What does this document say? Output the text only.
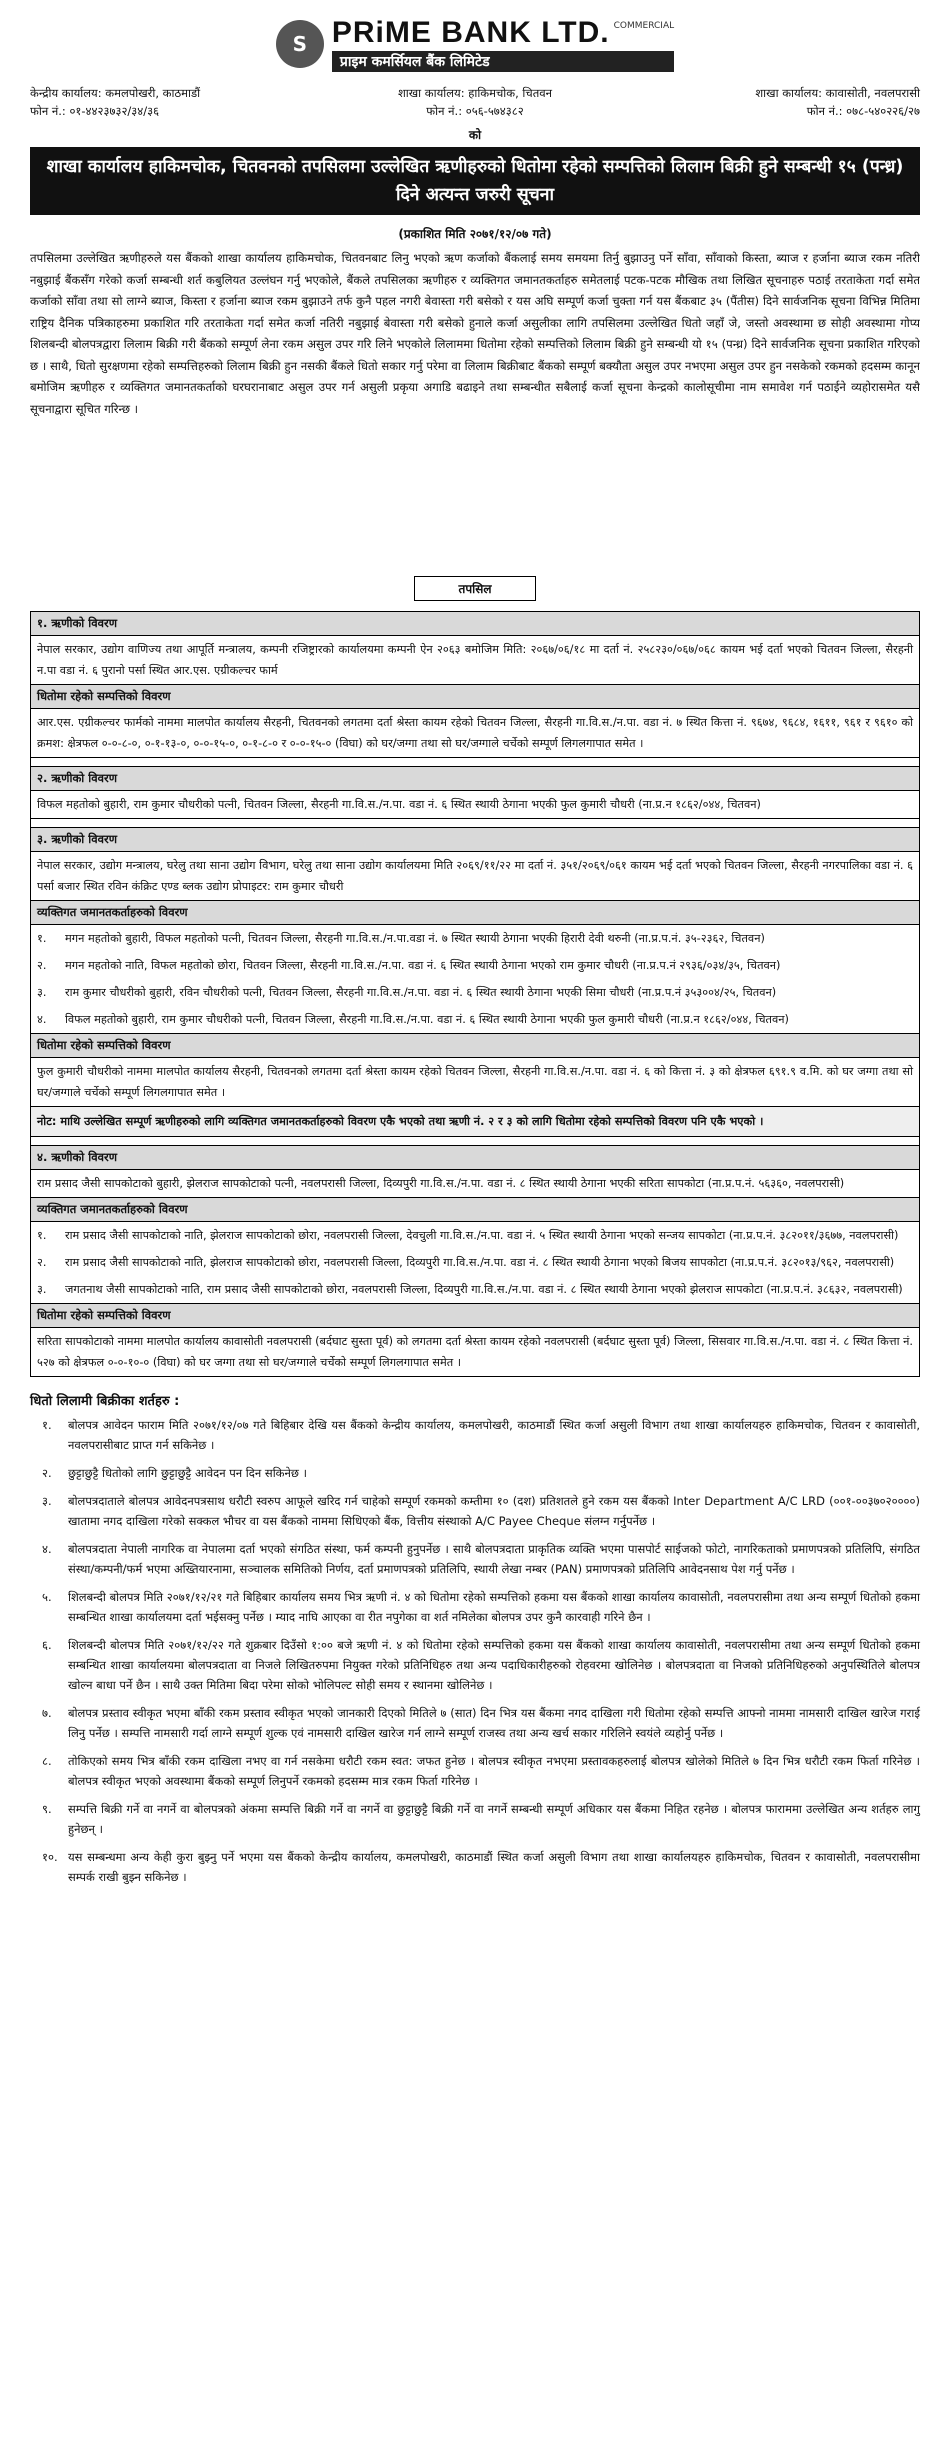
S PRiME BANK LTD. COMMERCIAL
प्राइम कमर्सियल बैंक लिमिटेड
केन्द्रीय कार्यालय: कमलपोखरी, काठमाडौं
फोन नं.: ०१-४४२३७३२/३४/३६
शाखा कार्यालय: हाकिमचोक, चितवन
फोन नं.: ०५६-५७४३८२
शाखा कार्यालय: कावासोती, नवलपरासी
फोन नं.: ०७८-५४०२२६/२७
को
शाखा कार्यालय हाकिमचोक, चितवनको तपसिलमा उल्लेखित ऋणीहरुको धितोमा रहेको सम्पत्तिको लिलाम बिक्री हुने सम्बन्धी १५ (पन्ध्र) दिने अत्यन्त जरुरी सूचना
(प्रकाशित मिति २०७१/१२/०७ गते)
तपसिलमा उल्लेखित ऋणीहरुले यस बैंकको शाखा कार्यालय हाकिमचोक, चितवनबाट लिनु भएको ऋण कर्जाको बैंकलाई समय समयमा तिर्नु बुझाउनु पर्ने साँवा, साँवाको किस्ता, ब्याज र हर्जाना ब्याज रकम नतिरी नबुझाई बैंकसँग गरेको कर्जा सम्बन्धी शर्त कबुलियत उल्लंघन गर्नु भएकोले, बैंकले तपसिलका ऋणीहरु र व्यक्तिगत जमानतकर्ताहरु समेतलाई पटक-पटक मौखिक तथा लिखित सूचनाहरु पठाई तरताकेता गर्दा समेत कर्जाको साँवा तथा सो लाग्ने ब्याज, किस्ता र हर्जाना ब्याज रकम बुझाउने तर्फ कुनै पहल नगरी बेवास्ता गरी बसेको र यस अघि सम्पूर्ण कर्जा चुक्ता गर्न यस बैंकबाट ३५ (पैंतीस) दिने सार्वजनिक सूचना विभिन्न मितिमा राष्ट्रिय दैनिक पत्रिकाहरुमा प्रकाशित गरि तरताकेता गर्दा समेत कर्जा नतिरी नबुझाई बेवास्ता गरी बसेको हुनाले कर्जा असुलीका लागि तपसिलमा उल्लेखित धितो जहाँ जे, जस्तो अवस्थामा छ सोही अवस्थामा गोप्य शिलबन्दी बोलपत्रद्वारा लिलाम बिक्री गरी बैंकको सम्पूर्ण लेना रकम असुल उपर गरि लिने भएकोले लिलाममा धितोमा रहेको सम्पत्तिको लिलाम बिक्री हुने सम्बन्धी यो १५ (पन्ध्र) दिने सार्वजनिक सूचना प्रकाशित गरिएको छ । साथै, धितो सुरक्षणमा रहेको सम्पत्तिहरुको लिलाम बिक्री हुन नसकी बैंकले धितो सकार गर्नु परेमा वा लिलाम बिक्रीबाट बैंकको सम्पूर्ण बक्यौता असुल उपर नभएमा असुल उपर हुन नसकेको रकमको हदसम्म कानून बमोजिम ऋणीहरु र व्यक्तिगत जमानतकर्ताको घरघरानाबाट असुल उपर गर्न असुली प्रकृया अगाडि बढाइने तथा सम्बन्धीत सबैलाई कर्जा सूचना केन्द्रको कालोसूचीमा नाम समावेश गर्न पठाईने व्यहोरासमेत यसै सूचनाद्वारा सूचित गरिन्छ ।
तपसिल
१. ऋणीको विवरण
नेपाल सरकार, उद्योग वाणिज्य तथा आपूर्ति मन्त्रालय, कम्पनी रजिष्ट्रारको कार्यालयमा कम्पनी ऐन २०६३ बमोजिम मिति: २०६७/०६/१८ मा दर्ता नं. २५८२३०/०६७/०६८ कायम भई दर्ता भएको चितवन जिल्ला, सैरहनी न.पा वडा नं. ६ पुरानो पर्सा स्थित आर.एस. एग्रीकल्चर फार्म
धितोमा रहेको सम्पत्तिको विवरण
आर.एस. एग्रीकल्चर फार्मको नाममा मालपोत कार्यालय सैरहनी, चितवनको लगतमा दर्ता श्रेस्ता कायम रहेको चितवन जिल्ला, सैरहनी गा.वि.स./न.पा. वडा नं. ७ स्थित कित्ता नं. ९६७४, ९६८४, १६११, ९६१ र ९६१० को क्रमश: क्षेत्रफल ०-०-८-०, ०-१-१३-०, ०-०-१५-०, ०-१-८-० र ०-०-१५-० (विघा) को घर/जग्गा तथा सो घर/जग्गाले चर्चेको सम्पूर्ण लिगलगापात समेत ।
२. ऋणीको विवरण
विफल महतोको बुहारी, राम कुमार चौधरीको पत्नी, चितवन जिल्ला, सैरहनी गा.वि.स./न.पा. वडा नं. ६ स्थित स्थायी ठेगाना भएकी फुल कुमारी चौधरी (ना.प्र.न १८६२/०४४, चितवन)
३. ऋणीको विवरण
नेपाल सरकार, उद्योग मन्त्रालय, घरेलु तथा साना उद्योग विभाग, घरेलु तथा साना उद्योग कार्यालयमा मिति २०६९/११/२२ मा दर्ता नं. ३५१/२०६९/०६१ कायम भई दर्ता भएको चितवन जिल्ला, सैरहनी नगरपालिका वडा नं. ६ पर्सा बजार स्थित रविन कंक्रिट एण्ड ब्लक उद्योग प्रोपाइटर: राम कुमार चौधरी
व्यक्तिगत जमानतकर्ताहरुको विवरण
१.	मगन महतोको बुहारी, विफल महतोको पत्नी, चितवन जिल्ला, सैरहनी गा.वि.स./न.पा.वडा नं. ७ स्थित स्थायी ठेगाना भएकी हिरारी देवी थरुनी (ना.प्र.प.नं. ३५-२३६२, चितवन)
२.	मगन महतोको नाति, विफल महतोको छोरा, चितवन जिल्ला, सैरहनी गा.वि.स./न.पा. वडा नं. ६ स्थित स्थायी ठेगाना भएको राम कुमार चौधरी (ना.प्र.प.नं २९३६/०३४/३५, चितवन)
३.	राम कुमार चौधरीको बुहारी, रविन चौधरीको पत्नी, चितवन जिल्ला, सैरहनी गा.वि.स./न.पा. वडा नं. ६ स्थित स्थायी ठेगाना भएकी सिमा चौधरी (ना.प्र.प.नं ३५३००४/२५, चितवन)
४.	विफल महतोको बुहारी, राम कुमार चौधरीको पत्नी, चितवन जिल्ला, सैरहनी गा.वि.स./न.पा. वडा नं. ६ स्थित स्थायी ठेगाना भएकी फुल कुमारी चौधरी (ना.प्र.न १८६२/०४४, चितवन)
धितोमा रहेको सम्पत्तिको विवरण
फुल कुमारी चौधरीको नाममा मालपोत कार्यालय सैरहनी, चितवनको लगतमा दर्ता श्रेस्ता कायम रहेको चितवन जिल्ला, सैरहनी गा.वि.स./न.पा. वडा नं. ६ को कित्ता नं. ३ को क्षेत्रफल ६९१.९ व.मि. को घर जग्गा तथा सो घर/जग्गाले चर्चेको सम्पूर्ण लिगलगापात समेत ।
नोट: माथि उल्लेखित सम्पूर्ण ऋणीहरुको लागि व्यक्तिगत जमानतकर्ताहरुको विवरण एकै भएको तथा ऋणी नं. २ र ३ को लागि धितोमा रहेको सम्पत्तिको विवरण पनि एकै भएको ।
४. ऋणीको विवरण
राम प्रसाद जैसी सापकोटाको बुहारी, झेलराज सापकोटाको पत्नी, नवलपरासी जिल्ला, दिव्यपुरी गा.वि.स./न.पा. वडा नं. ८ स्थित स्थायी ठेगाना भएकी सरिता सापकोटा (ना.प्र.प.नं. ५६३६०, नवलपरासी)
व्यक्तिगत जमानतकर्ताहरुको विवरण
१.	राम प्रसाद जैसी सापकोटाको नाति, झेलराज सापकोटाको छोरा, नवलपरासी जिल्ला, देवचुली गा.वि.स./न.पा. वडा नं. ५ स्थित स्थायी ठेगाना भएको सन्जय सापकोटा (ना.प्र.प.नं. ३८२०११/३६७७, नवलपरासी)
२.	राम प्रसाद जैसी सापकोटाको नाति, झेलराज सापकोटाको छोरा, नवलपरासी जिल्ला, दिव्यपुरी गा.वि.स./न.पा. वडा नं. ८ स्थित स्थायी ठेगाना भएको बिजय सापकोटा (ना.प्र.प.नं. ३८२०१३/९६२, नवलपरासी)
३.	जगतनाथ जैसी सापकोटाको नाति, राम प्रसाद जैसी सापकोटाको छोरा, नवलपरासी जिल्ला, दिव्यपुरी गा.वि.स./न.पा. वडा नं. ८ स्थित स्थायी ठेगाना भएको झेलराज सापकोटा (ना.प्र.प.नं. ३८६३२, नवलपरासी)
धितोमा रहेको सम्पत्तिको विवरण
सरिता सापकोटाको नाममा मालपोत कार्यालय कावासोती नवलपरासी (बर्दघाट सुस्ता पूर्व) को लगतमा दर्ता श्रेस्ता कायम रहेको नवलपरासी (बर्दघाट सुस्ता पूर्व) जिल्ला, सिसवार गा.वि.स./न.पा. वडा नं. ८ स्थित कित्ता नं. ५२७ को क्षेत्रफल ०-०-१०-० (विघा) को घर जग्गा तथा सो घर/जग्गाले चर्चेको सम्पूर्ण लिगलगापात समेत ।
धितो लिलामी बिक्रीका शर्तहरु :
१.	बोलपत्र आवेदन फाराम मिति २०७१/१२/०७ गते बिहिबार देखि यस बैंकको केन्द्रीय कार्यालय, कमलपोखरी, काठमाडौं स्थित कर्जा असुली विभाग तथा शाखा कार्यालयहरु हाकिमचोक, चितवन र कावासोती, नवलपरासीबाट प्राप्त गर्न सकिनेछ ।
२.	छुट्टाछुट्टै धितोको लागि छुट्टाछुट्टै आवेदन पन दिन सकिनेछ ।
३.	बोलपत्रदाताले बोलपत्र आवेदनपत्रसाथ धरौटी स्वरुप आफूले खरिद गर्न चाहेको सम्पूर्ण रकमको कम्तीमा १० (दश) प्रतिशतले हुने रकम यस बैंकको Inter Department A/C LRD (००१-००३७०२००००) खातामा नगद दाखिला गरेको सक्कल भौचर वा यस बैंकको नाममा सिधिएको बैंक, वित्तीय संस्थाको A/C Payee Cheque संलग्न गर्नुपर्नेछ ।
४.	बोलपत्रदाता नेपाली नागरिक वा नेपालमा दर्ता भएको संगठित संस्था, फर्म कम्पनी हुनुपर्नेछ । साथै बोलपत्रदाता प्राकृतिक व्यक्ति भएमा पासपोर्ट साईजको फोटो, नागरिकताको प्रमाणपत्रको प्रतिलिपि, संगठित संस्था/कम्पनी/फर्म भएमा अख्तियारनामा, सञ्चालक समितिको निर्णय, दर्ता प्रमाणपत्रको प्रतिलिपि, स्थायी लेखा नम्बर (PAN) प्रमाणपत्रको प्रतिलिपि आवेदनसाथ पेश गर्नु पर्नेछ ।
५.	शिलबन्दी बोलपत्र मिति २०७१/१२/२१ गते बिहिबार कार्यालय समय भित्र ऋणी नं. ४ को धितोमा रहेको सम्पत्तिको हकमा यस बैंकको शाखा कार्यालय कावासोती, नवलपरासीमा तथा अन्य सम्पूर्ण धितोको हकमा सम्बन्धित शाखा कार्यालयमा दर्ता भईसक्नु पर्नेछ । म्याद नाघि आएका वा रीत नपुगेका वा शर्त नमिलेका बोलपत्र उपर कुनै कारवाही गरिने छैन ।
६.	शिलबन्दी बोलपत्र मिति २०७१/१२/२२ गते शुक्रबार दिउँसो १:०० बजे ऋणी नं. ४ को धितोमा रहेको सम्पत्तिको हकमा यस बैंकको शाखा कार्यालय कावासोती, नवलपरासीमा तथा अन्य सम्पूर्ण धितोको हकमा सम्बन्धित शाखा कार्यालयमा बोलपत्रदाता वा निजले लिखितरुपमा नियुक्त गरेको प्रतिनिधिहरु तथा अन्य पदाधिकारीहरुको रोहवरमा खोलिनेछ । बोलपत्रदाता वा निजको प्रतिनिधिहरुको अनुपस्थितिले बोलपत्र खोल्न बाधा पर्ने छैन । साथै उक्त मितिमा बिदा परेमा सोको भोलिपल्ट सोही समय र स्थानमा खोलिनेछ ।
७.	बोलपत्र प्रस्ताव स्वीकृत भएमा बाँकी रकम प्रस्ताव स्वीकृत भएको जानकारी दिएको मितिले ७ (सात) दिन भित्र यस बैंकमा नगद दाखिला गरी धितोमा रहेको सम्पत्ति आफ्नो नाममा नामसारी दाखिल खारेज गराई लिनु पर्नेछ । सम्पत्ति नामसारी गर्दा लाग्ने सम्पूर्ण शुल्क एवं नामसारी दाखिल खारेज गर्न लाग्ने सम्पूर्ण राजस्व तथा अन्य खर्च सकार गरिलिने स्वयंले व्यहोर्नु पर्नेछ ।
८.	तोकिएको समय भित्र बाँकी रकम दाखिला नभए वा गर्न नसकेमा धरौटी रकम स्वत: जफत हुनेछ । बोलपत्र स्वीकृत नभएमा प्रस्तावकहरुलाई बोलपत्र खोलेको मितिले ७ दिन भित्र धरौटी रकम फिर्ता गरिनेछ । बोलपत्र स्वीकृत भएको अवस्थामा बैंकको सम्पूर्ण लिनुपर्ने रकमको हदसम्म मात्र रकम फिर्ता गरिनेछ ।
९.	सम्पत्ति बिक्री गर्ने वा नगर्ने वा बोलपत्रको अंकमा सम्पत्ति बिक्री गर्ने वा नगर्ने वा छुट्टाछुट्टै बिक्री गर्ने वा नगर्ने सम्बन्धी सम्पूर्ण अधिकार यस बैंकमा निहित रहनेछ । बोलपत्र फाराममा उल्लेखित अन्य शर्तहरु लागु हुनेछन् ।
१०. यस सम्बन्धमा अन्य केही कुरा बुझ्नु पर्ने भएमा यस बैंकको केन्द्रीय कार्यालय, कमलपोखरी, काठमाडौं स्थित कर्जा असुली विभाग तथा शाखा कार्यालयहरु हाकिमचोक, चितवन र कावासोती, नवलपरासीमा सम्पर्क राखी बुझ्न सकिनेछ ।
